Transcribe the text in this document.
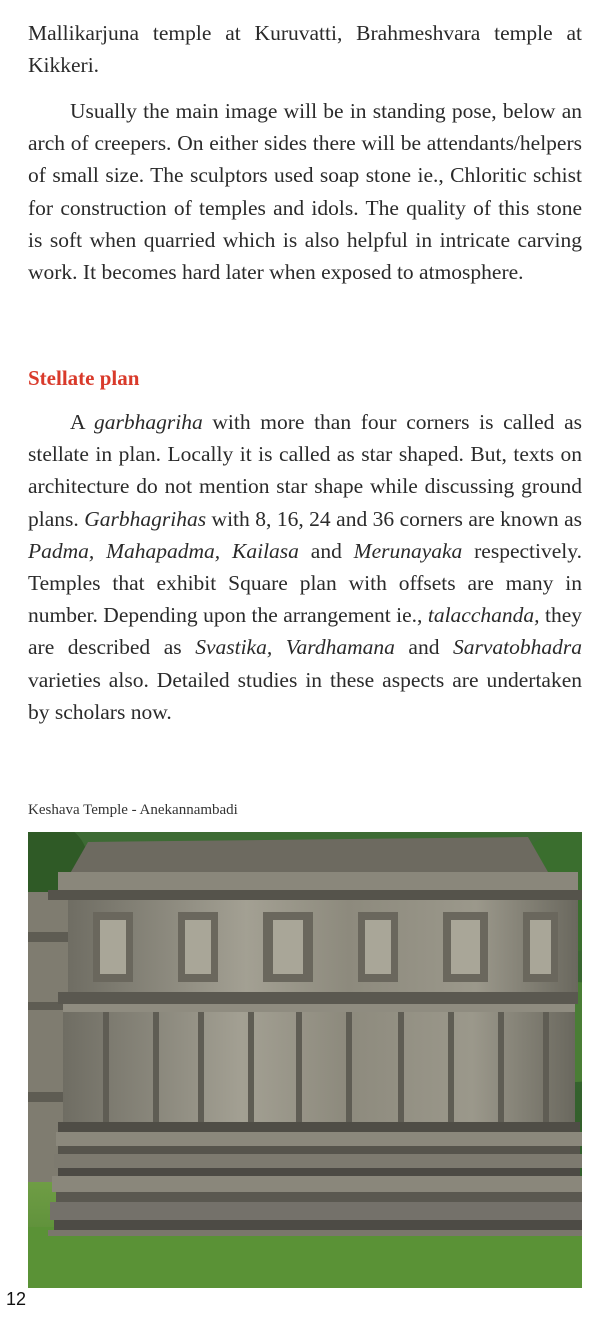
Mallikarjuna temple at Kuruvatti, Brahmeshvara temple at Kikkeri.

Usually the main image will be in standing pose, below an arch of creepers. On either sides there will be attendants/helpers of small size. The sculptors used soap stone ie., Chloritic schist for construction of temples and idols. The quality of this stone is soft when quarried which is also helpful in intricate carving work. It becomes hard later when exposed to atmosphere.

Stellate plan

A garbhagriha with more than four corners is called as stellate in plan. Locally it is called as star shaped. But, texts on architecture do not mention star shape while discussing ground plans. Garbhagrihas with 8, 16, 24 and 36 corners are known as Padma, Mahapadma, Kailasa and Merunayaka respectively. Temples that exhibit Square plan with offsets are many in number. Depending upon the arrangement ie., talacchanda, they are described as Svastika, Vardhamana and Sarvatobhadra varieties also. Detailed studies in these aspects are undertaken by scholars now.

Keshava Temple - Anekannambadi

12
